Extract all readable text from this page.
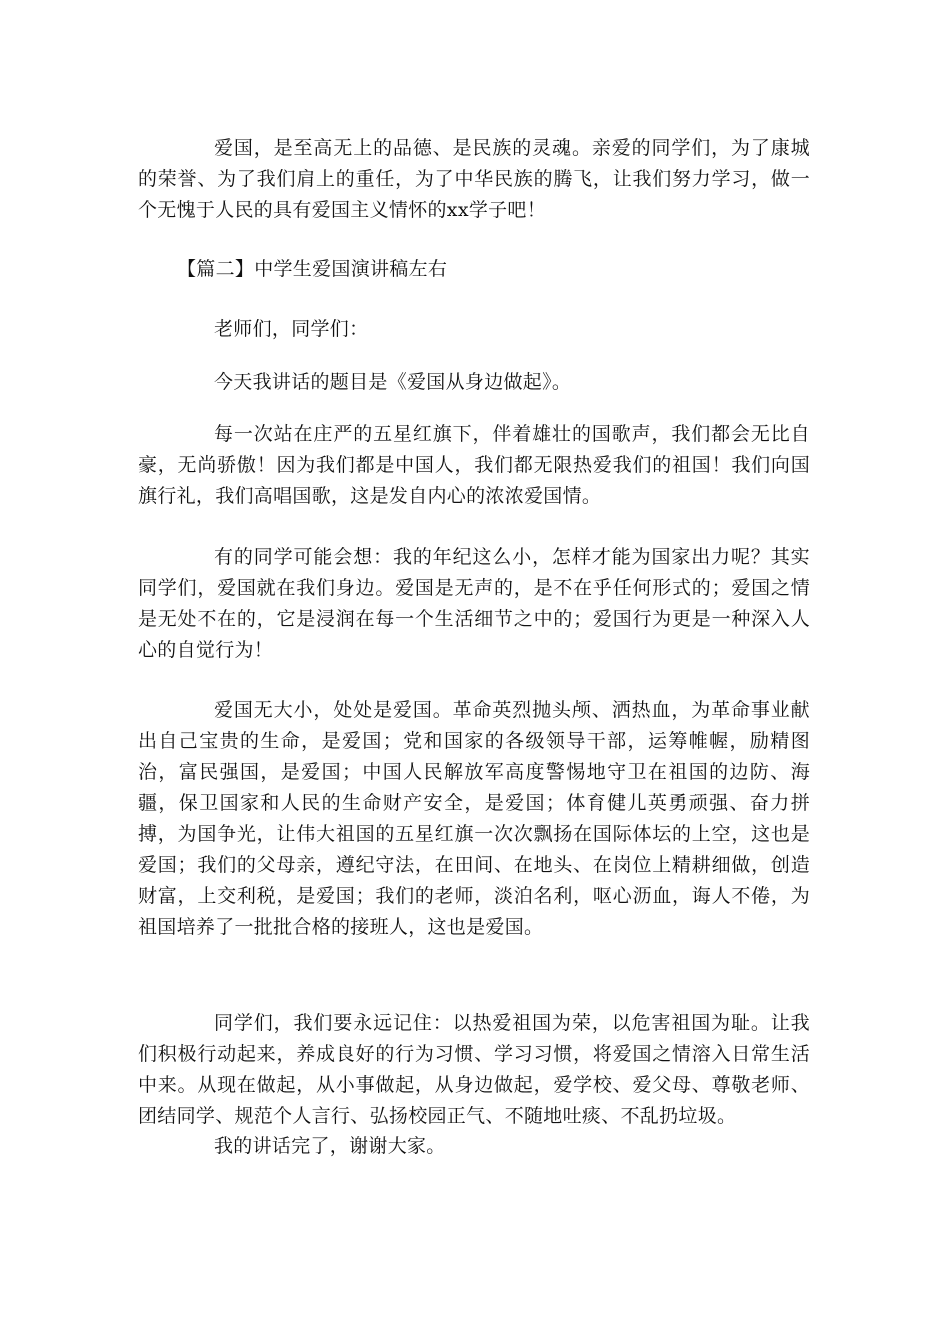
爱国，是至高无上的品德、是民族的灵魂。亲爱的同学们，为了康城的荣誉、为了我们肩上的重任，为了中华民族的腾飞，让我们努力学习，做一个无愧于人民的具有爱国主义情怀的xx学子吧！

【篇二】中学生爱国演讲稿左右

老师们，同学们：

今天我讲话的题目是《爱国从身边做起》。

每一次站在庄严的五星红旗下，伴着雄壮的国歌声，我们都会无比自豪，无尚骄傲！因为我们都是中国人，我们都无限热爱我们的祖国！我们向国旗行礼，我们高唱国歌，这是发自内心的浓浓爱国情。

有的同学可能会想：我的年纪这么小，怎样才能为国家出力呢？其实同学们，爱国就在我们身边。爱国是无声的，是不在乎任何形式的；爱国之情是无处不在的，它是浸润在每一个生活细节之中的；爱国行为更是一种深入人心的自觉行为！

爱国无大小，处处是爱国。革命英烈抛头颅、洒热血，为革命事业献出自己宝贵的生命，是爱国；党和国家的各级领导干部，运筹帷幄，励精图治，富民强国，是爱国；中国人民解放军高度警惕地守卫在祖国的边防、海疆，保卫国家和人民的生命财产安全，是爱国；体育健儿英勇顽强、奋力拼搏，为国争光，让伟大祖国的五星红旗一次次飘扬在国际体坛的上空，这也是爱国；我们的父母亲，遵纪守法，在田间、在地头、在岗位上精耕细做，创造财富，上交利税，是爱国；我们的老师，淡泊名利，呕心沥血，诲人不倦，为祖国培养了一批批合格的接班人，这也是爱国。

同学们，我们要永远记住：以热爱祖国为荣，以危害祖国为耻。让我们积极行动起来，养成良好的行为习惯、学习习惯，将爱国之情溶入日常生活中来。从现在做起，从小事做起，从身边做起，爱学校、爱父母、尊敬老师、团结同学、规范个人言行、弘扬校园正气、不随地吐痰、不乱扔垃圾。

我的讲话完了，谢谢大家。
